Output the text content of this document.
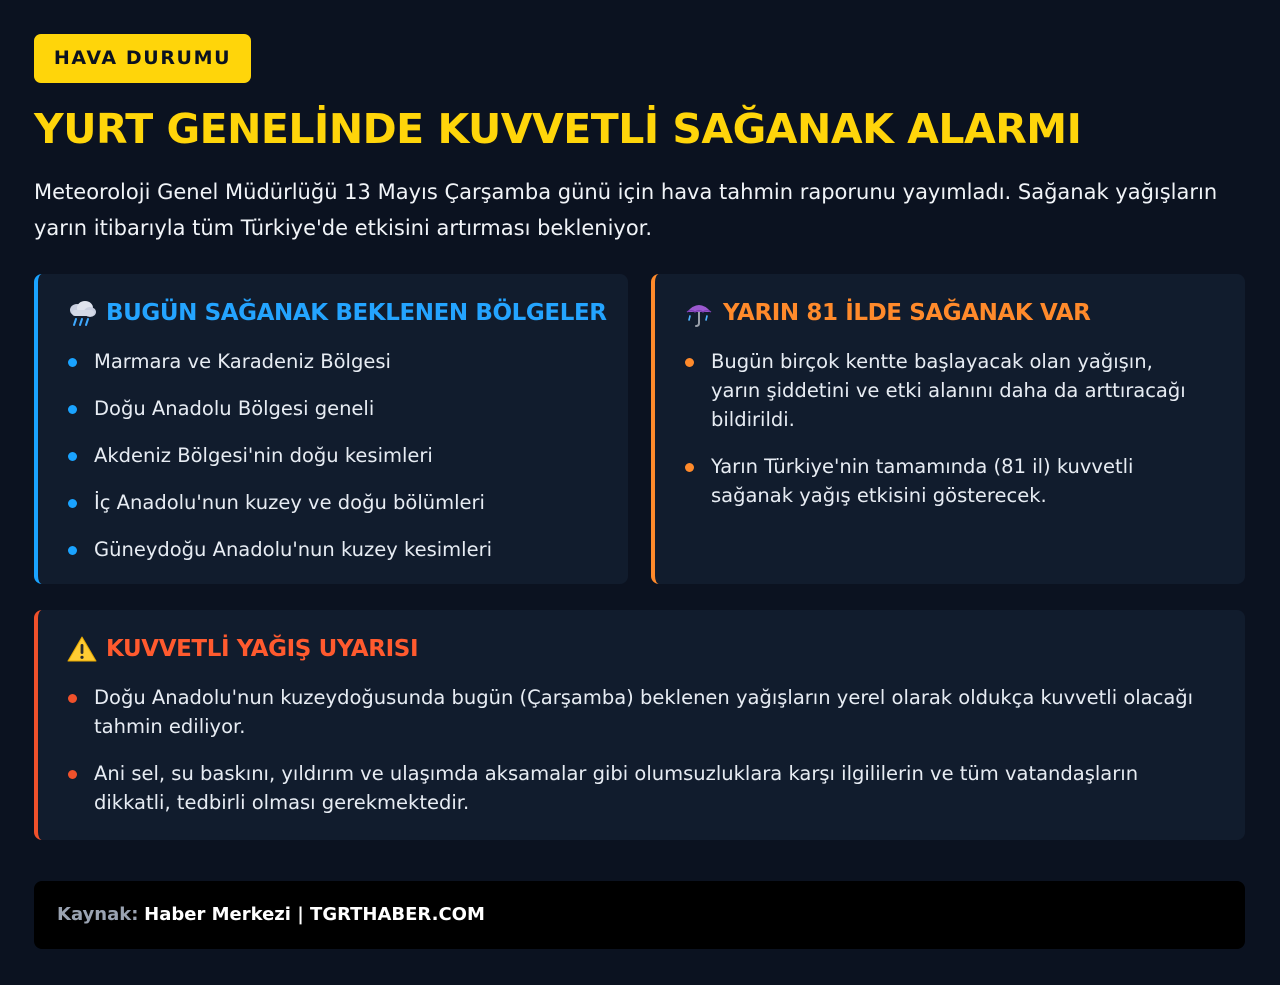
HAVA DURUMU
YURT GENELİNDE KUVVETLİ SAĞANAK ALARMI

Meteoroloji Genel Müdürlüğü 13 Mayıs Çarşamba günü için hava tahmin raporunu yayımladı. Sağanak yağışların yarın itibarıyla tüm Türkiye'de etkisini artırması bekleniyor.

BUGÜN SAĞANAK BEKLENEN BÖLGELER
Marmara ve Karadeniz Bölgesi
Doğu Anadolu Bölgesi geneli
Akdeniz Bölgesi'nin doğu kesimleri
İç Anadolu'nun kuzey ve doğu bölümleri
Güneydoğu Anadolu'nun kuzey kesimleri
YARIN 81 İLDE SAĞANAK VAR
Bugün birçok kentte başlayacak olan yağışın, yarın şiddetini ve etki alanını daha da arttıracağı bildirildi.
Yarın Türkiye'nin tamamında (81 il) kuvvetli sağanak yağış etkisini gösterecek.
KUVVETLİ YAĞIŞ UYARISI
Doğu Anadolu'nun kuzeydoğusunda bugün (Çarşamba) beklenen yağışların yerel olarak oldukça kuvvetli olacağı tahmin ediliyor.
Ani sel, su baskını, yıldırım ve ulaşımda aksamalar gibi olumsuzluklara karşı ilgililerin ve tüm vatandaşların dikkatli, tedbirli olması gerekmektedir.
Kaynak: Haber Merkezi | TGRTHABER.COM
